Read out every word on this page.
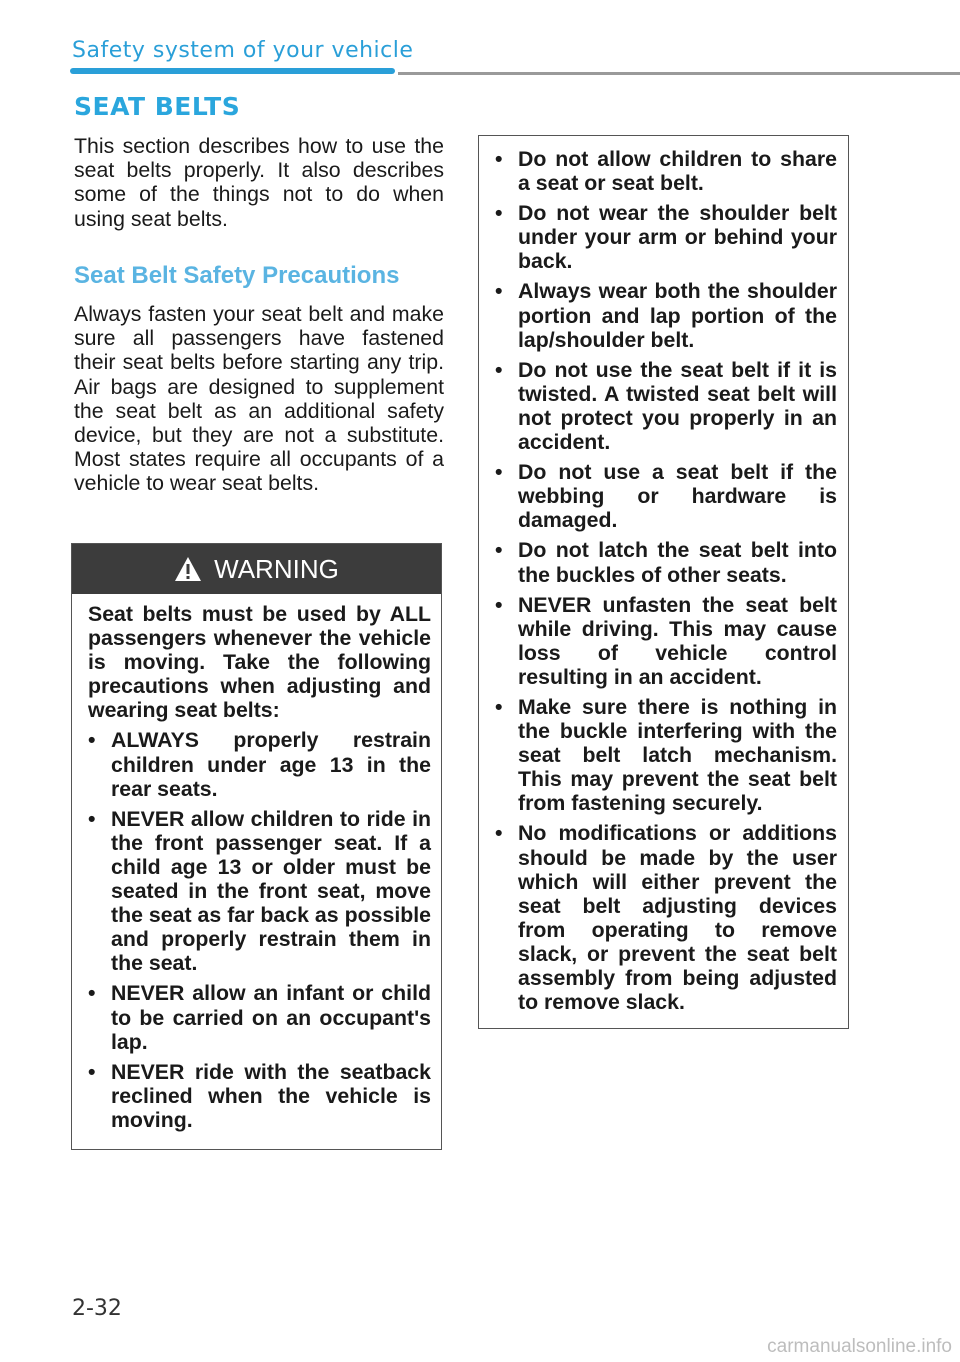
Safety system of your vehicle
SEAT BELTS

This section describes how to use the seat belts properly. It also describes some of the things not to do when using seat belts.

Seat Belt Safety Precautions

Always fasten your seat belt and make sure all passengers have fastened their seat belts before starting any trip. Air bags are designed to supplement the seat belt as an additional safety device, but they are not a substitute. Most states require all occupants of a vehicle to wear seat belts.

WARNING

Seat belts must be used by ALL passengers whenever the vehicle is moving. Take the following precautions when adjusting and wearing seat belts:

• ALWAYS properly restrain children under age 13 in the rear seats.
• NEVER allow children to ride in the front passenger seat. If a child age 13 or older must be seated in the front seat, move the seat as far back as possible and properly restrain them in the seat.
• NEVER allow an infant or child to be carried on an occupant's lap.
• NEVER ride with the seatback reclined when the vehicle is moving.
• Do not allow children to share a seat or seat belt.
• Do not wear the shoulder belt under your arm or behind your back.
• Always wear both the shoulder portion and lap portion of the lap/shoulder belt.
• Do not use the seat belt if it is twisted. A twisted seat belt will not protect you properly in an accident.
• Do not use a seat belt if the webbing or hardware is damaged.
• Do not latch the seat belt into the buckles of other seats.
• NEVER unfasten the seat belt while driving. This may cause loss of vehicle control resulting in an accident.
• Make sure there is nothing in the buckle interfering with the seat belt latch mechanism. This may prevent the seat belt from fastening securely.
• No modifications or additions should be made by the user which will either prevent the seat belt adjusting devices from operating to remove slack, or prevent the seat belt assembly from being adjusted to remove slack.
2-32
carmanualsonline.info
